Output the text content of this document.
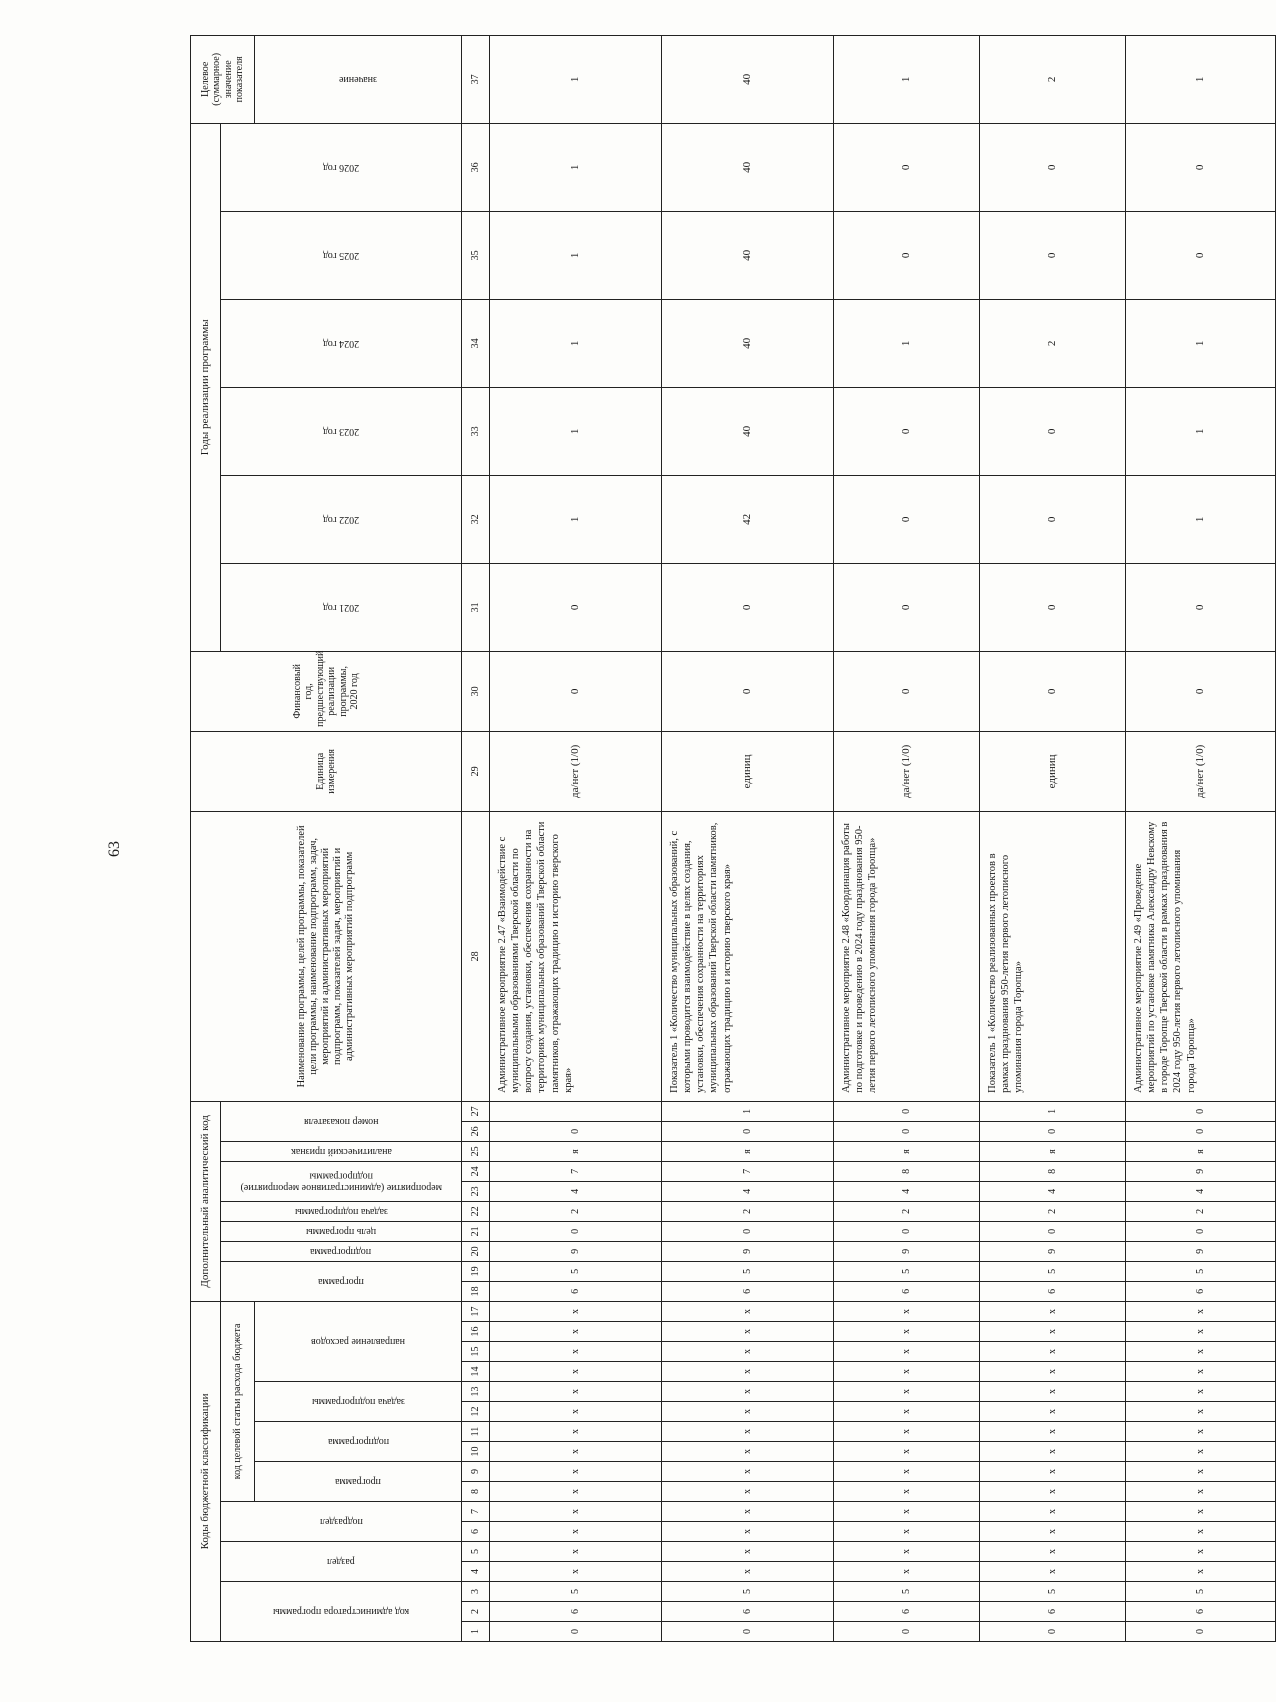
63
Коды бюджетной классификации																	Дополнительный аналитический код										Наименование программы, целей программы, показателей цели программы, наименование подпрограмм, задач, мероприятий и административных мероприятий подпрограмм, показателей задач, мероприятий и административных мероприятий подпрограмм	Единица измерения	Финансовый год, предшествующий реализации программы, 2020 год	Годы реализации программы						Целевое (суммарное) значение показателя

код администратора программы			раздел		подраздел		код целевой статьи расхода бюджета										программа		подпрограмма	цель программы	задача подпрограммы	мероприятие (административное мероприятие) подпрограммы		аналитический признак	номер показателя					2021 год	2022 год	2023 год	2024 год	2025 год	2026 год	

							программа		подпрограмма		задача подпрограммы		направление расходов																							значение

1	2	3	4	5	6	7	8	9	10	11	12	13	14	15	16	17	18	19	20	21	22	23	24	25	26	27	28	29	30	31	32	33	34	35	36	37
0	6	5	x	x	x	x	x	x	x	x	x	x	x	x	x	x	6	5	9	0	2	4	7	я	0		Административное мероприятие 2.47 «Взаимодействие с муниципальными образованиями Тверской области по вопросу создания, установки, обеспечения сохранности на территориях муниципальных образований Тверской области памятников, отражающих традицию и историю тверского края»	да/нет (1/0)	0	0	1	1	1	1	1	1
0	6	5	x	x	x	x	x	x	x	x	x	x	x	x	x	x	6	5	9	0	2	4	7	я	0	1	Показатель 1 «Количество муниципальных образований, с которыми проводится взаимодействие в целях создания, установки, обеспечения сохранности на территориях муниципальных образований Тверской области памятников, отражающих традицию и историю тверского края»	единиц	0	0	42	40	40	40	40	40
0	6	5	x	x	x	x	x	x	x	x	x	x	x	x	x	x	6	5	9	0	2	4	8	я	0	0	Административное мероприятие 2.48 «Координация работы по подготовке и проведению в 2024 году празднования 950-летия первого летописного упоминания города Торопца»	да/нет (1/0)	0	0	0	0	1	0	0	1
0	6	5	x	x	x	x	x	x	x	x	x	x	x	x	x	x	6	5	9	0	2	4	8	я	0	1	Показатель 1 «Количество реализованных проектов в рамках празднования 950-летия первого летописного упоминания города Торопца»	единиц	0	0	0	0	2	0	0	2
0	6	5	x	x	x	x	x	x	x	x	x	x	x	x	x	x	6	5	9	0	2	4	9	я	0	0	Административное мероприятие 2.49 «Проведение мероприятий по установке памятника Александру Невскому в городе Торопце Тверской области в рамках празднования в 2024 году 950-летия первого летописного упоминания города Торопца»	да/нет (1/0)	0	0	1	1	1	0	0	1
